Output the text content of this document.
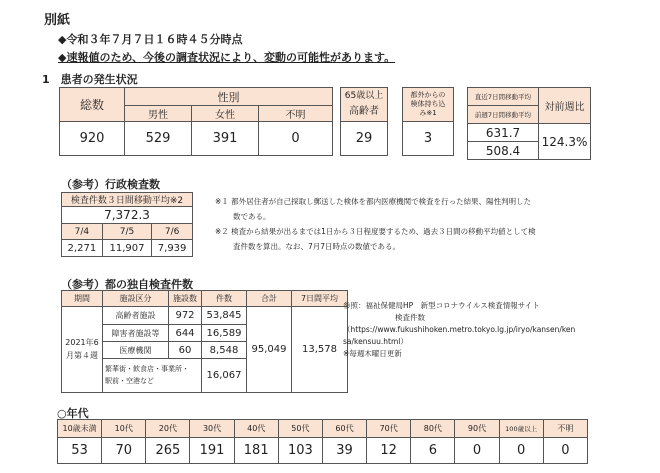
別紙
◆令和３年７月７日１６時４５分時点
◆速報値のため、今後の調査状況により、変動の可能性があります。
1　患者の発生状況
総数	性別		
	男性	女性	不明
920	529	391	0
65歳以上
高齢者

29
都外からの
検体持ち込
み※1

3
直近7日間移動平均	対前週比
前週7日間移動平均	
631.7	124.3%
508.4	
（参考）行政検査数
検査件数３日間移動平均※2		
7,372.3		
7/4	7/5	7/6
2,271	11,907	7,939
※１ 都外居住者が自己採取し郵送した検体を都内医療機関で検査を行った結果、陽性判明した
数である。
※２ 検査から結果が出るまでは1日から３日程度要するため、過去３日間の移動平均値として検
査件数を算出。なお、7月7日時点の数値である。
（参考）都の独自検査件数
期間	施設区分	施設数	件数	合計	7日間平均

2021年6
月第４週	高齢者施設	972	53,845	95,049	13,578
	障害者施設等	644	16,589		
	医療機関	60	8,548		

	繁華街・飲食店・事業所・
駅前・空港など		16,067		
参照：福祉保健局HP　新型コロナウイルス検査情報サイト
検査件数
（https://www.fukushihoken.metro.tokyo.lg.jp/iryo/kansen/ken
sa/kensuu.html）
※毎週木曜日更新
○年代
10歳未満	10代	20代	30代	40代	50代	60代	70代	80代	90代	100歳以上	不明
53	70	265	191	181	103	39	12	6	0	0	0
